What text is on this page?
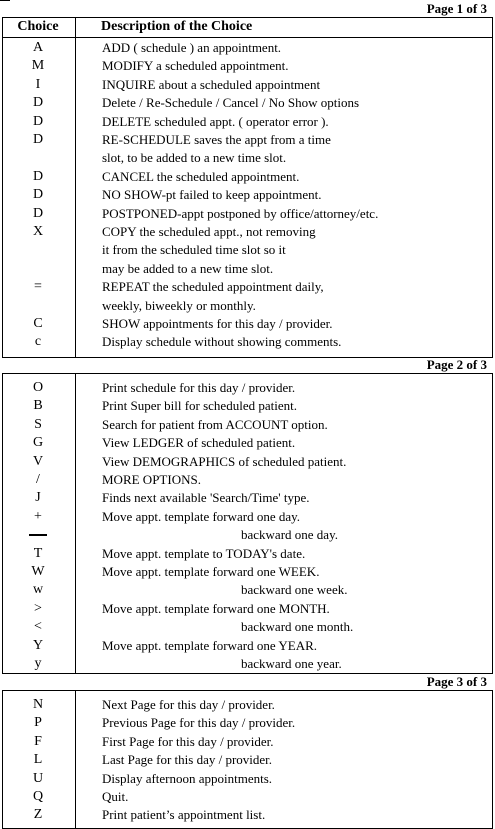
Page 1 of 3
Choice	Description of the Choice
A	ADD ( schedule ) an appointment.
M	MODIFY a scheduled appointment.
I	INQUIRE about a scheduled appointment
D	Delete / Re-Schedule / Cancel / No Show options
D	DELETE scheduled appt. ( operator error ).
D	RE-SCHEDULE saves the appt from a time
slot, to be added to a new time slot.
D	CANCEL the scheduled appointment.
D	NO SHOW-pt failed to keep appointment.
D	POSTPONED-appt postponed by office/attorney/etc.
X	COPY the scheduled appt., not removing
it from the scheduled time slot so it
may be added to a new time slot.
=	REPEAT the scheduled appointment daily,
weekly, biweekly or monthly.
C	SHOW appointments for this day / provider.
c	Display schedule without showing comments.
Page 2 of 3
O	Print schedule for this day / provider.
B	Print Super bill for scheduled patient.
S	Search for patient from ACCOUNT option.
G	View LEDGER of scheduled patient.
V	View DEMOGRAPHICS of scheduled patient.
/	MORE OPTIONS.
J	Finds next available 'Search/Time' type.
+	Move appt. template forward one day.
backward one day.
T	Move appt. template to TODAY's date.
W	Move appt. template forward one WEEK.
w	backward one week.
>	Move appt. template forward one MONTH.
<	backward one month.
Y	Move appt. template forward one YEAR.
y	backward one year.
Page 3 of 3
N	Next Page for this day / provider.
P	Previous Page for this day / provider.
F	First Page for this day / provider.
L	Last Page for this day / provider.
U	Display afternoon appointments.
Q	Quit.
Z	Print patient’s appointment list.
